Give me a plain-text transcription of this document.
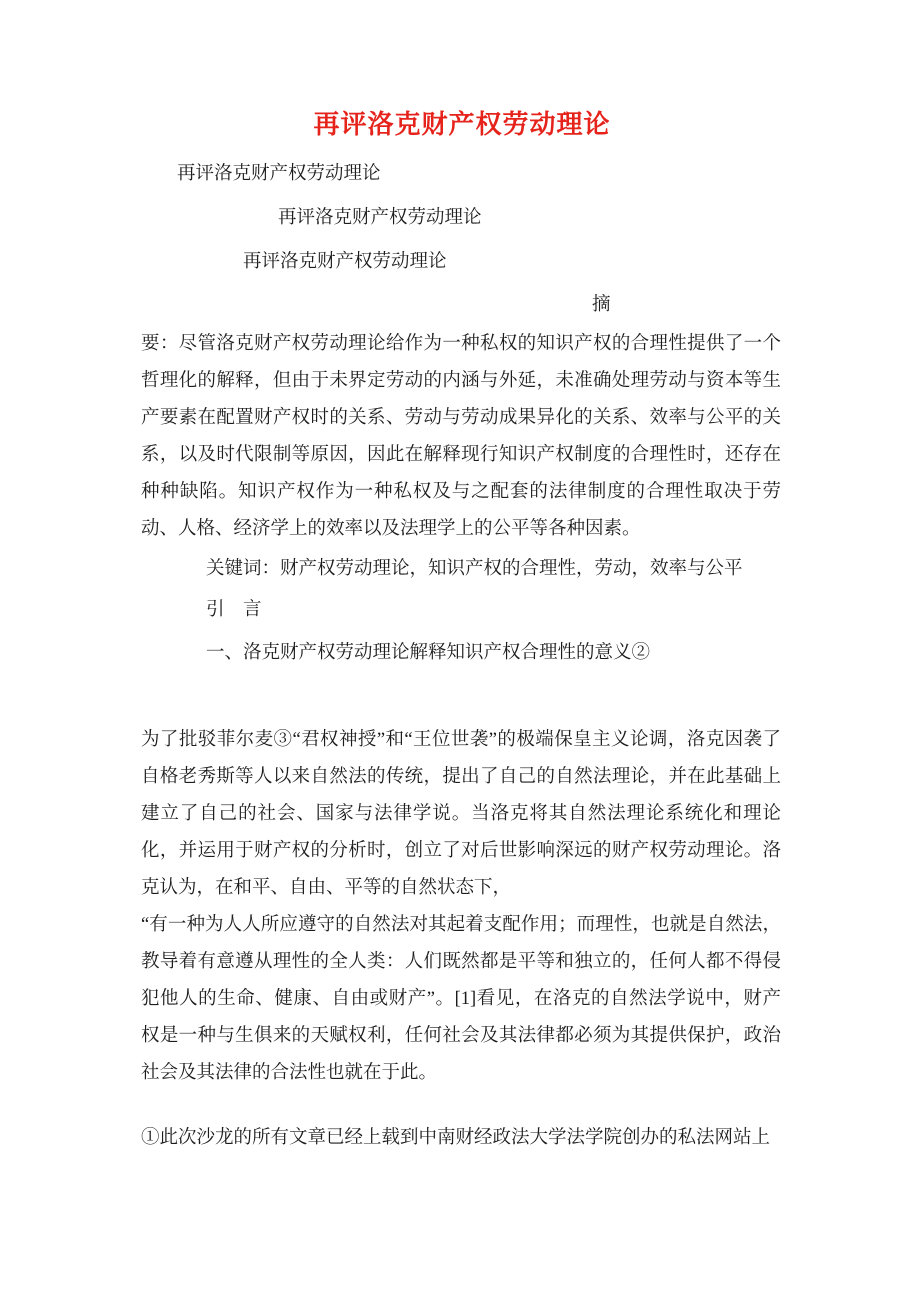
再评洛克财产权劳动理论
再评洛克财产权劳动理论
再评洛克财产权劳动理论
再评洛克财产权劳动理论
摘

要：尽管洛克财产权劳动理论给作为一种私权的知识产权的合理性提供了一个哲理化的解释，但由于未界定劳动的内涵与外延，未准确处理劳动与资本等生产要素在配置财产权时的关系、劳动与劳动成果异化的关系、效率与公平的关系，以及时代限制等原因，因此在解释现行知识产权制度的合理性时，还存在种种缺陷。知识产权作为一种私权及与之配套的法律制度的合理性取决于劳动、人格、经济学上的效率以及法理学上的公平等各种因素。

关键词：财产权劳动理论，知识产权的合理性，劳动，效率与公平
引　言
一、洛克财产权劳动理论解释知识产权合理性的意义②

为了批驳菲尔麦③“君权神授”和“王位世袭”的极端保皇主义论调，洛克因袭了自格老秀斯等人以来自然法的传统，提出了自己的自然法理论，并在此基础上建立了自己的社会、国家与法律学说。当洛克将其自然法理论系统化和理论化，并运用于财产权的分析时，创立了对后世影响深远的财产权劳动理论。洛克认为，在和平、自由、平等的自然状态下，

“有一种为人人所应遵守的自然法对其起着支配作用；而理性，也就是自然法，教导着有意遵从理性的全人类：人们既然都是平等和独立的，任何人都不得侵犯他人的生命、健康、自由或财产”。[1]看见，在洛克的自然法学说中，财产权是一种与生俱来的天赋权利，任何社会及其法律都必须为其提供保护，政治社会及其法律的合法性也就在于此。

①此次沙龙的所有文章已经上载到中南财经政法大学法学院创办的私法网站上
